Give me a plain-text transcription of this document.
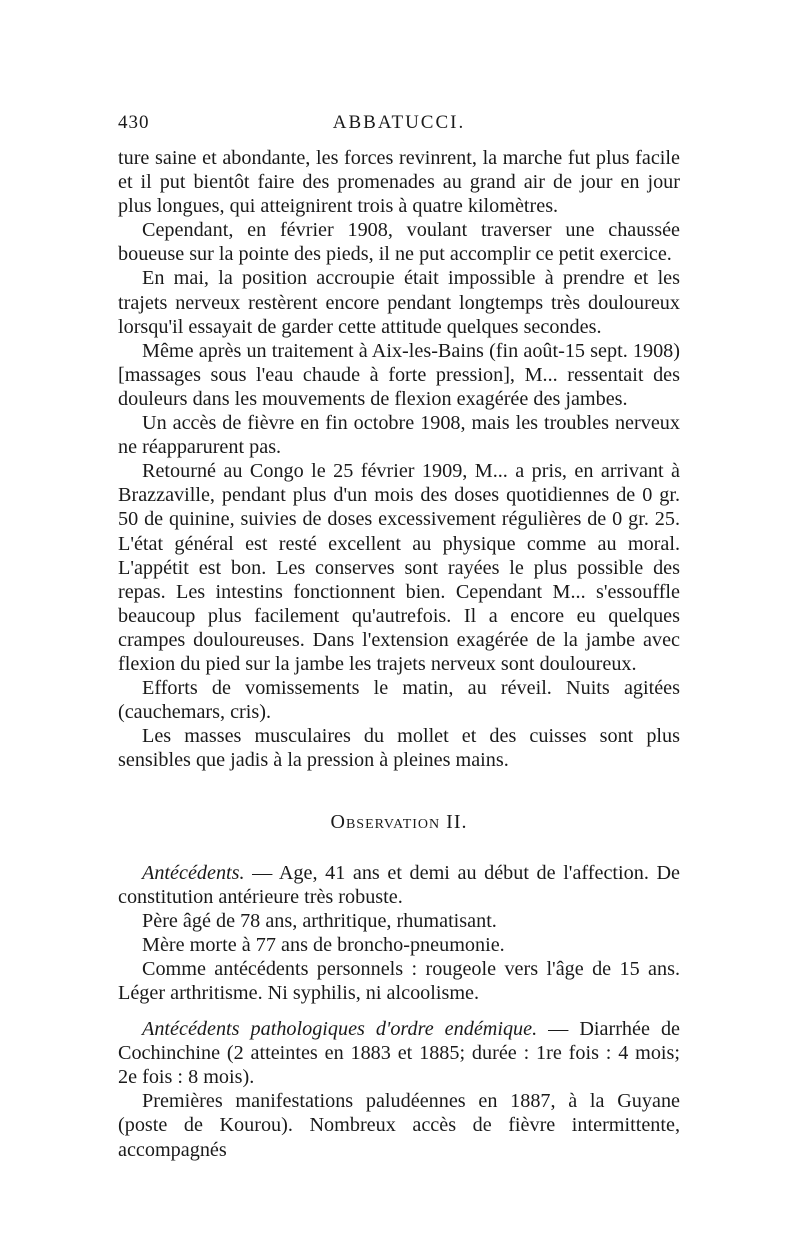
430	ABBATUCCI.

ture saine et abondante, les forces revinrent, la marche fut plus facile et il put bientôt faire des promenades au grand air de jour en jour plus longues, qui atteignirent trois à quatre kilomètres.

Cependant, en février 1908, voulant traverser une chaussée boueuse sur la pointe des pieds, il ne put accomplir ce petit exercice.

En mai, la position accroupie était impossible à prendre et les trajets nerveux restèrent encore pendant longtemps très douloureux lorsqu'il essayait de garder cette attitude quelques secondes.

Même après un traitement à Aix-les-Bains (fin août-15 sept. 1908) [massages sous l'eau chaude à forte pression], M... ressentait des douleurs dans les mouvements de flexion exagérée des jambes.

Un accès de fièvre en fin octobre 1908, mais les troubles nerveux ne réapparurent pas.

Retourné au Congo le 25 février 1909, M... a pris, en arrivant à Brazzaville, pendant plus d'un mois des doses quotidiennes de 0 gr. 50 de quinine, suivies de doses excessivement régulières de 0 gr. 25. L'état général est resté excellent au physique comme au moral. L'appétit est bon. Les conserves sont rayées le plus possible des repas. Les intestins fonctionnent bien. Cependant M... s'essouffle beaucoup plus facilement qu'autrefois. Il a encore eu quelques crampes douloureuses. Dans l'extension exagérée de la jambe avec flexion du pied sur la jambe les trajets nerveux sont douloureux.

Efforts de vomissements le matin, au réveil. Nuits agitées (cauchemars, cris).

Les masses musculaires du mollet et des cuisses sont plus sensibles que jadis à la pression à pleines mains.

Observation II.

Antécédents. — Age, 41 ans et demi au début de l'affection. De constitution antérieure très robuste.

Père âgé de 78 ans, arthritique, rhumatisant.

Mère morte à 77 ans de broncho-pneumonie.

Comme antécédents personnels : rougeole vers l'âge de 15 ans. Léger arthritisme. Ni syphilis, ni alcoolisme.

Antécédents pathologiques d'ordre endémique. — Diarrhée de Cochinchine (2 atteintes en 1883 et 1885; durée : 1re fois : 4 mois; 2e fois : 8 mois).

Premières manifestations paludéennes en 1887, à la Guyane (poste de Kourou). Nombreux accès de fièvre intermittente, accompagnés
